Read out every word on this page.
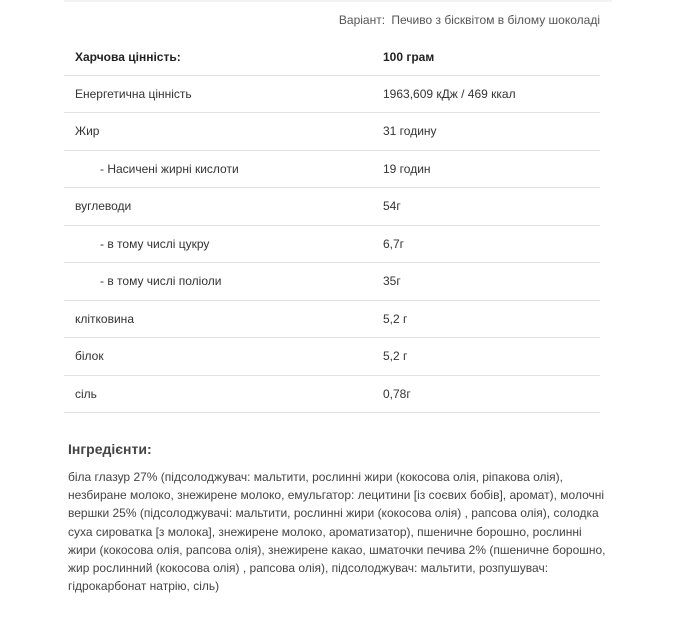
Варіант: Печиво з бісквітом в білому шоколаді
Харчова цінність:	100 грам
Енергетична цінність	1963,609 кДж / 469 ккал
Жир	31 годину
- Насичені жирні кислоти	19 годин
вуглеводи	54г
- в тому числі цукру	6,7г
- в тому числі поліоли	35г
клітковина	5,2 г
білок	5,2 г
сіль	0,78г
Інгредієнти:
біла глазур 27% (підсолоджувач: мальтити, рослинні жири (кокосова олія, ріпакова олія), незбиране молоко, знежирене молоко, емульгатор: лецитини [із соєвих бобів], аромат), молочні вершки 25% (підсолоджувачі: мальтити, рослинні жири (кокосова олія) , рапсова олія), солодка суха сироватка [з молока], знежирене молоко, ароматизатор), пшеничне борошно, рослинні жири (кокосова олія, рапсова олія), знежирене какао, шматочки печива 2% (пшеничне борошно, жир рослинний (кокосова олія) , рапсова олія), підсолоджувач: мальтити, розпушувач: гідрокарбонат натрію, сіль)
